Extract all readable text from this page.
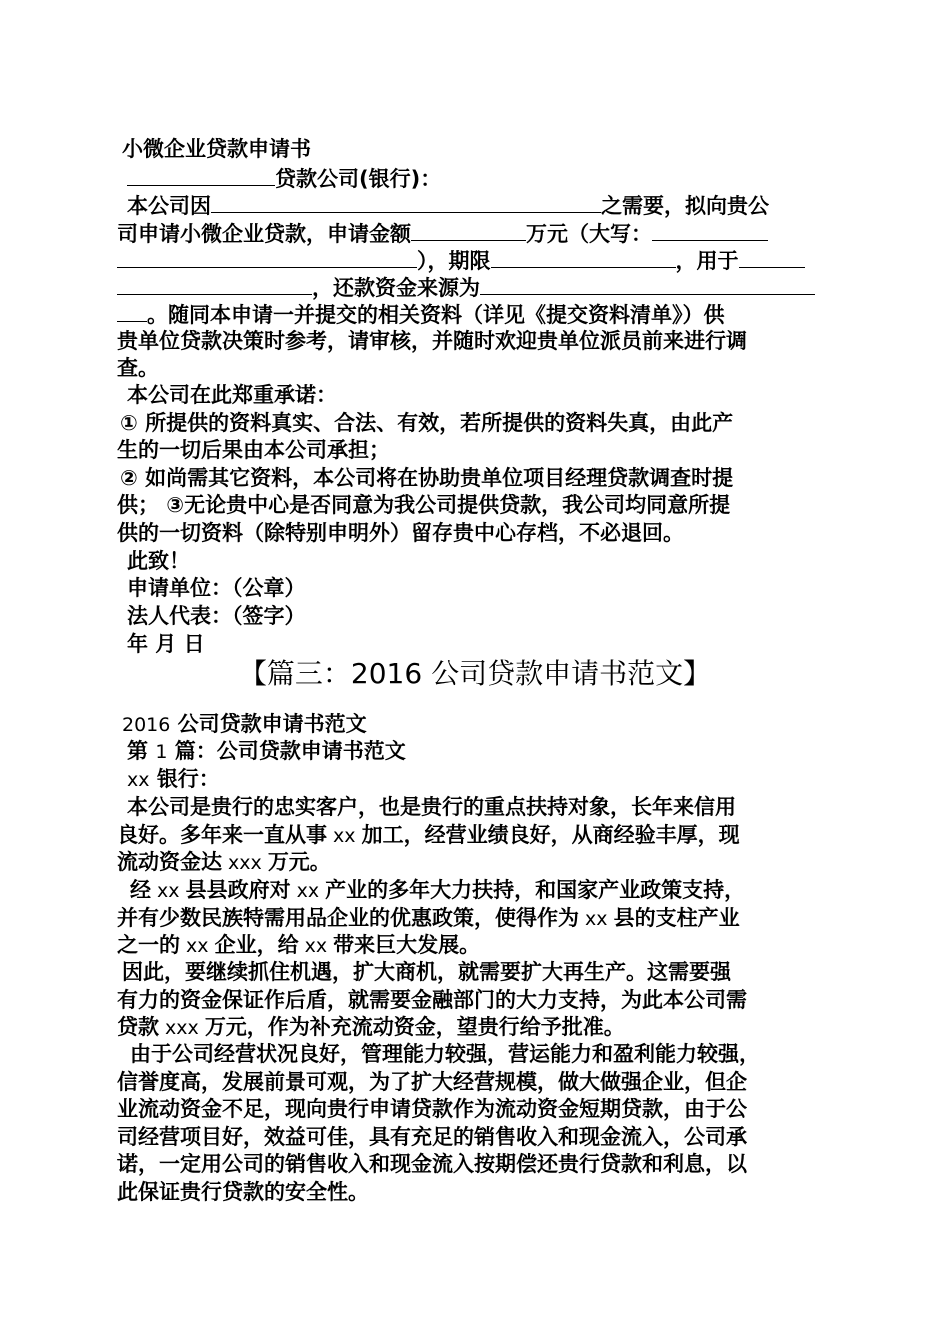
小微企业贷款申请书
贷款公司(银行)：
本公司因	之需要，拟向贵公
司申请小微企业贷款，申请金额	万元（大写：
），期限	，用于
，还款资金来源为
。随同本申请一并提交的相关资料（详见《提交资料清单》）供
贵单位贷款决策时参考，请审核，并随时欢迎贵单位派员前来进行调
查。
本公司在此郑重承诺：
① 所提供的资料真实、合法、有效，若所提供的资料失真，由此产
生的一切后果由本公司承担；
② 如尚需其它资料，本公司将在协助贵单位项目经理贷款调查时提
供； ③无论贵中心是否同意为我公司提供贷款，我公司均同意所提
供的一切资料（除特别申明外）留存贵中心存档，不必退回。
此致！
申请单位：（公章）
法人代表：（签字）
年 月 日
【篇三：2016 公司贷款申请书范文】
2016 公司贷款申请书范文
第 1 篇：公司贷款申请书范文
xx 银行：
本公司是贵行的忠实客户，也是贵行的重点扶持对象，长年来信用
良好。多年来一直从事 xx 加工，经营业绩良好，从商经验丰厚，现
流动资金达 xxx 万元。
经 xx 县县政府对 xx 产业的多年大力扶持，和国家产业政策支持，
并有少数民族特需用品企业的优惠政策，使得作为 xx 县的支柱产业
之一的 xx 企业，给 xx 带来巨大发展。
因此，要继续抓住机遇，扩大商机，就需要扩大再生产。这需要强
有力的资金保证作后盾，就需要金融部门的大力支持，为此本公司需
贷款 xxx 万元，作为补充流动资金，望贵行给予批准。
由于公司经营状况良好，管理能力较强，营运能力和盈利能力较强，
信誉度高，发展前景可观，为了扩大经营规模，做大做强企业，但企
业流动资金不足，现向贵行申请贷款作为流动资金短期贷款，由于公
司经营项目好，效益可佳，具有充足的销售收入和现金流入，公司承
诺，一定用公司的销售收入和现金流入按期偿还贵行贷款和利息，以
此保证贵行贷款的安全性。
